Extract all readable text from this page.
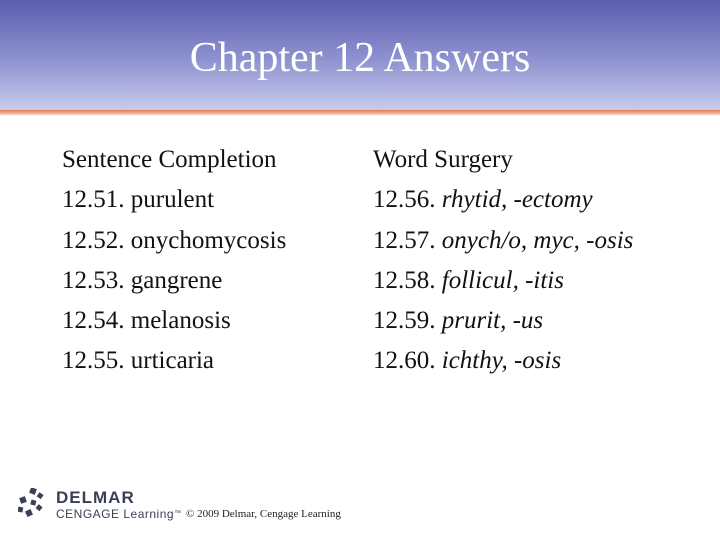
Chapter 12 Answers
Sentence Completion
12.51. purulent
12.52. onychomycosis
12.53. gangrene
12.54. melanosis
12.55. urticaria
Word Surgery
12.56. rhytid, -ectomy
12.57. onych/o, myc, -osis
12.58. follicul, -itis
12.59. prurit, -us
12.60. ichthy, -osis
DELMAR
CENGAGE Learning™ © 2009 Delmar, Cengage Learning
